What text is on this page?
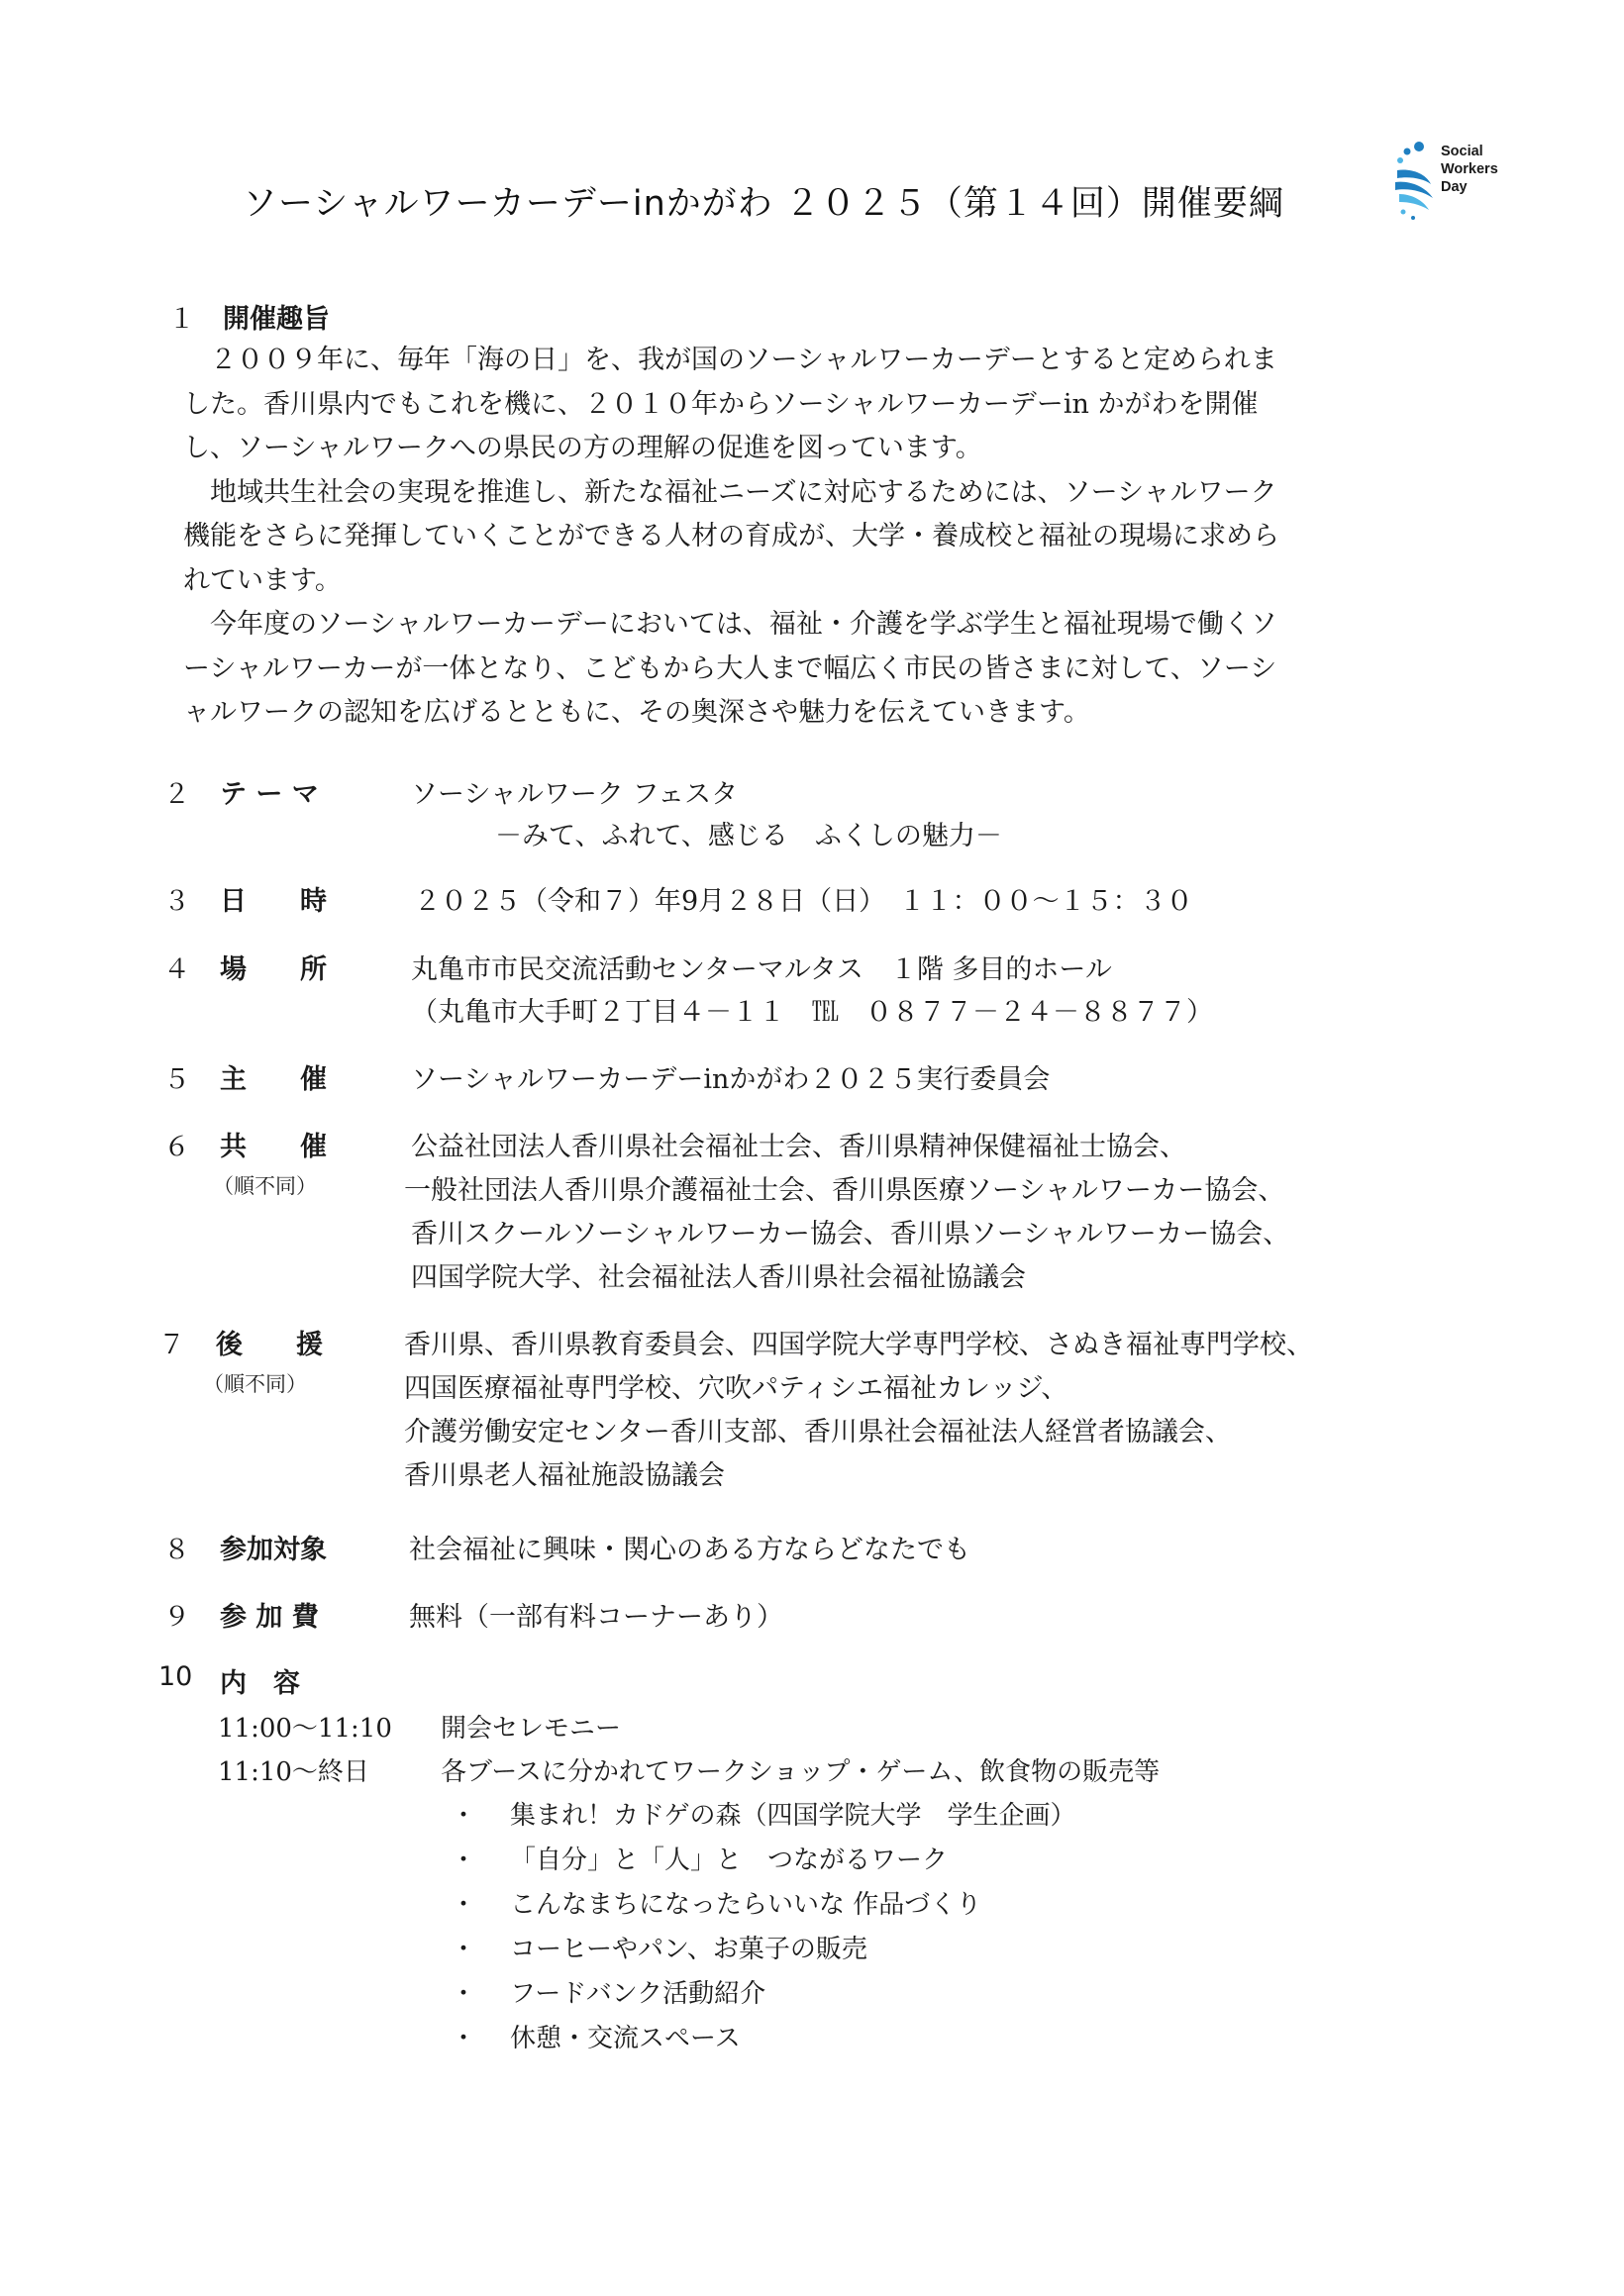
ソーシャルワーカーデーinかがわ ２０２５（第１４回）開催要綱
Social
Workers
Day
１ 開催趣旨
　２００９年に、毎年「海の日」を、我が国のソーシャルワーカーデーとすると定められま
した。香川県内でもこれを機に、２０１０年からソーシャルワーカーデーin かがわを開催
し、ソーシャルワークへの県民の方の理解の促進を図っています。
　地域共生社会の実現を推進し、新たな福祉ニーズに対応するためには、ソーシャルワーク
機能をさらに発揮していくことができる人材の育成が、大学・養成校と福祉の現場に求めら
れています。
　今年度のソーシャルワーカーデーにおいては、福祉・介護を学ぶ学生と福祉現場で働くソ
ーシャルワーカーが一体となり、こどもから大人まで幅広く市民の皆さまに対して、ソーシ
ャルワークの認知を広げるとともに、その奥深さや魅力を伝えていきます。
２ テ ー マ	ソーシャルワーク フェスタ
－みて、ふれて、感じる　ふくしの魅力－
３ 日　　時	２０２５（令和７）年9月２８日（日）　１１：００～１５：３０
４ 場　　所	丸亀市市民交流活動センターマルタス　１階 多目的ホール
（丸亀市大手町２丁目４－１１　℡　０８７７－２４－８８７７）
５ 主　　催	ソーシャルワーカーデーinかがわ２０２５実行委員会
６ 共　　催
（順不同）
公益社団法人香川県社会福祉士会、香川県精神保健福祉士協会、
一般社団法人香川県介護福祉士会、香川県医療ソーシャルワーカー協会、
香川スクールソーシャルワーカー協会、香川県ソーシャルワーカー協会、
四国学院大学、社会福祉法人香川県社会福祉協議会
７ 後　　援
（順不同）
香川県、香川県教育委員会、四国学院大学専門学校、さぬき福祉専門学校、
四国医療福祉専門学校、穴吹パティシエ福祉カレッジ、
介護労働安定センター香川支部、香川県社会福祉法人経営者協議会、
香川県老人福祉施設協議会
８ 参加対象	社会福祉に興味・関心のある方ならどなたでも
９ 参 加 費	無料（一部有料コーナーあり）
10 内　容
11:00～11:10 開会セレモニー
11:10～終日	各ブースに分かれてワークショップ・ゲーム、飲食物の販売等
・ 集まれ！カドゲの森（四国学院大学　学生企画）
・ 「自分」と「人」と　つながるワーク
・ こんなまちになったらいいな 作品づくり
・ コーヒーやパン、お菓子の販売
・ フードバンク活動紹介
・ 休憩・交流スペース
